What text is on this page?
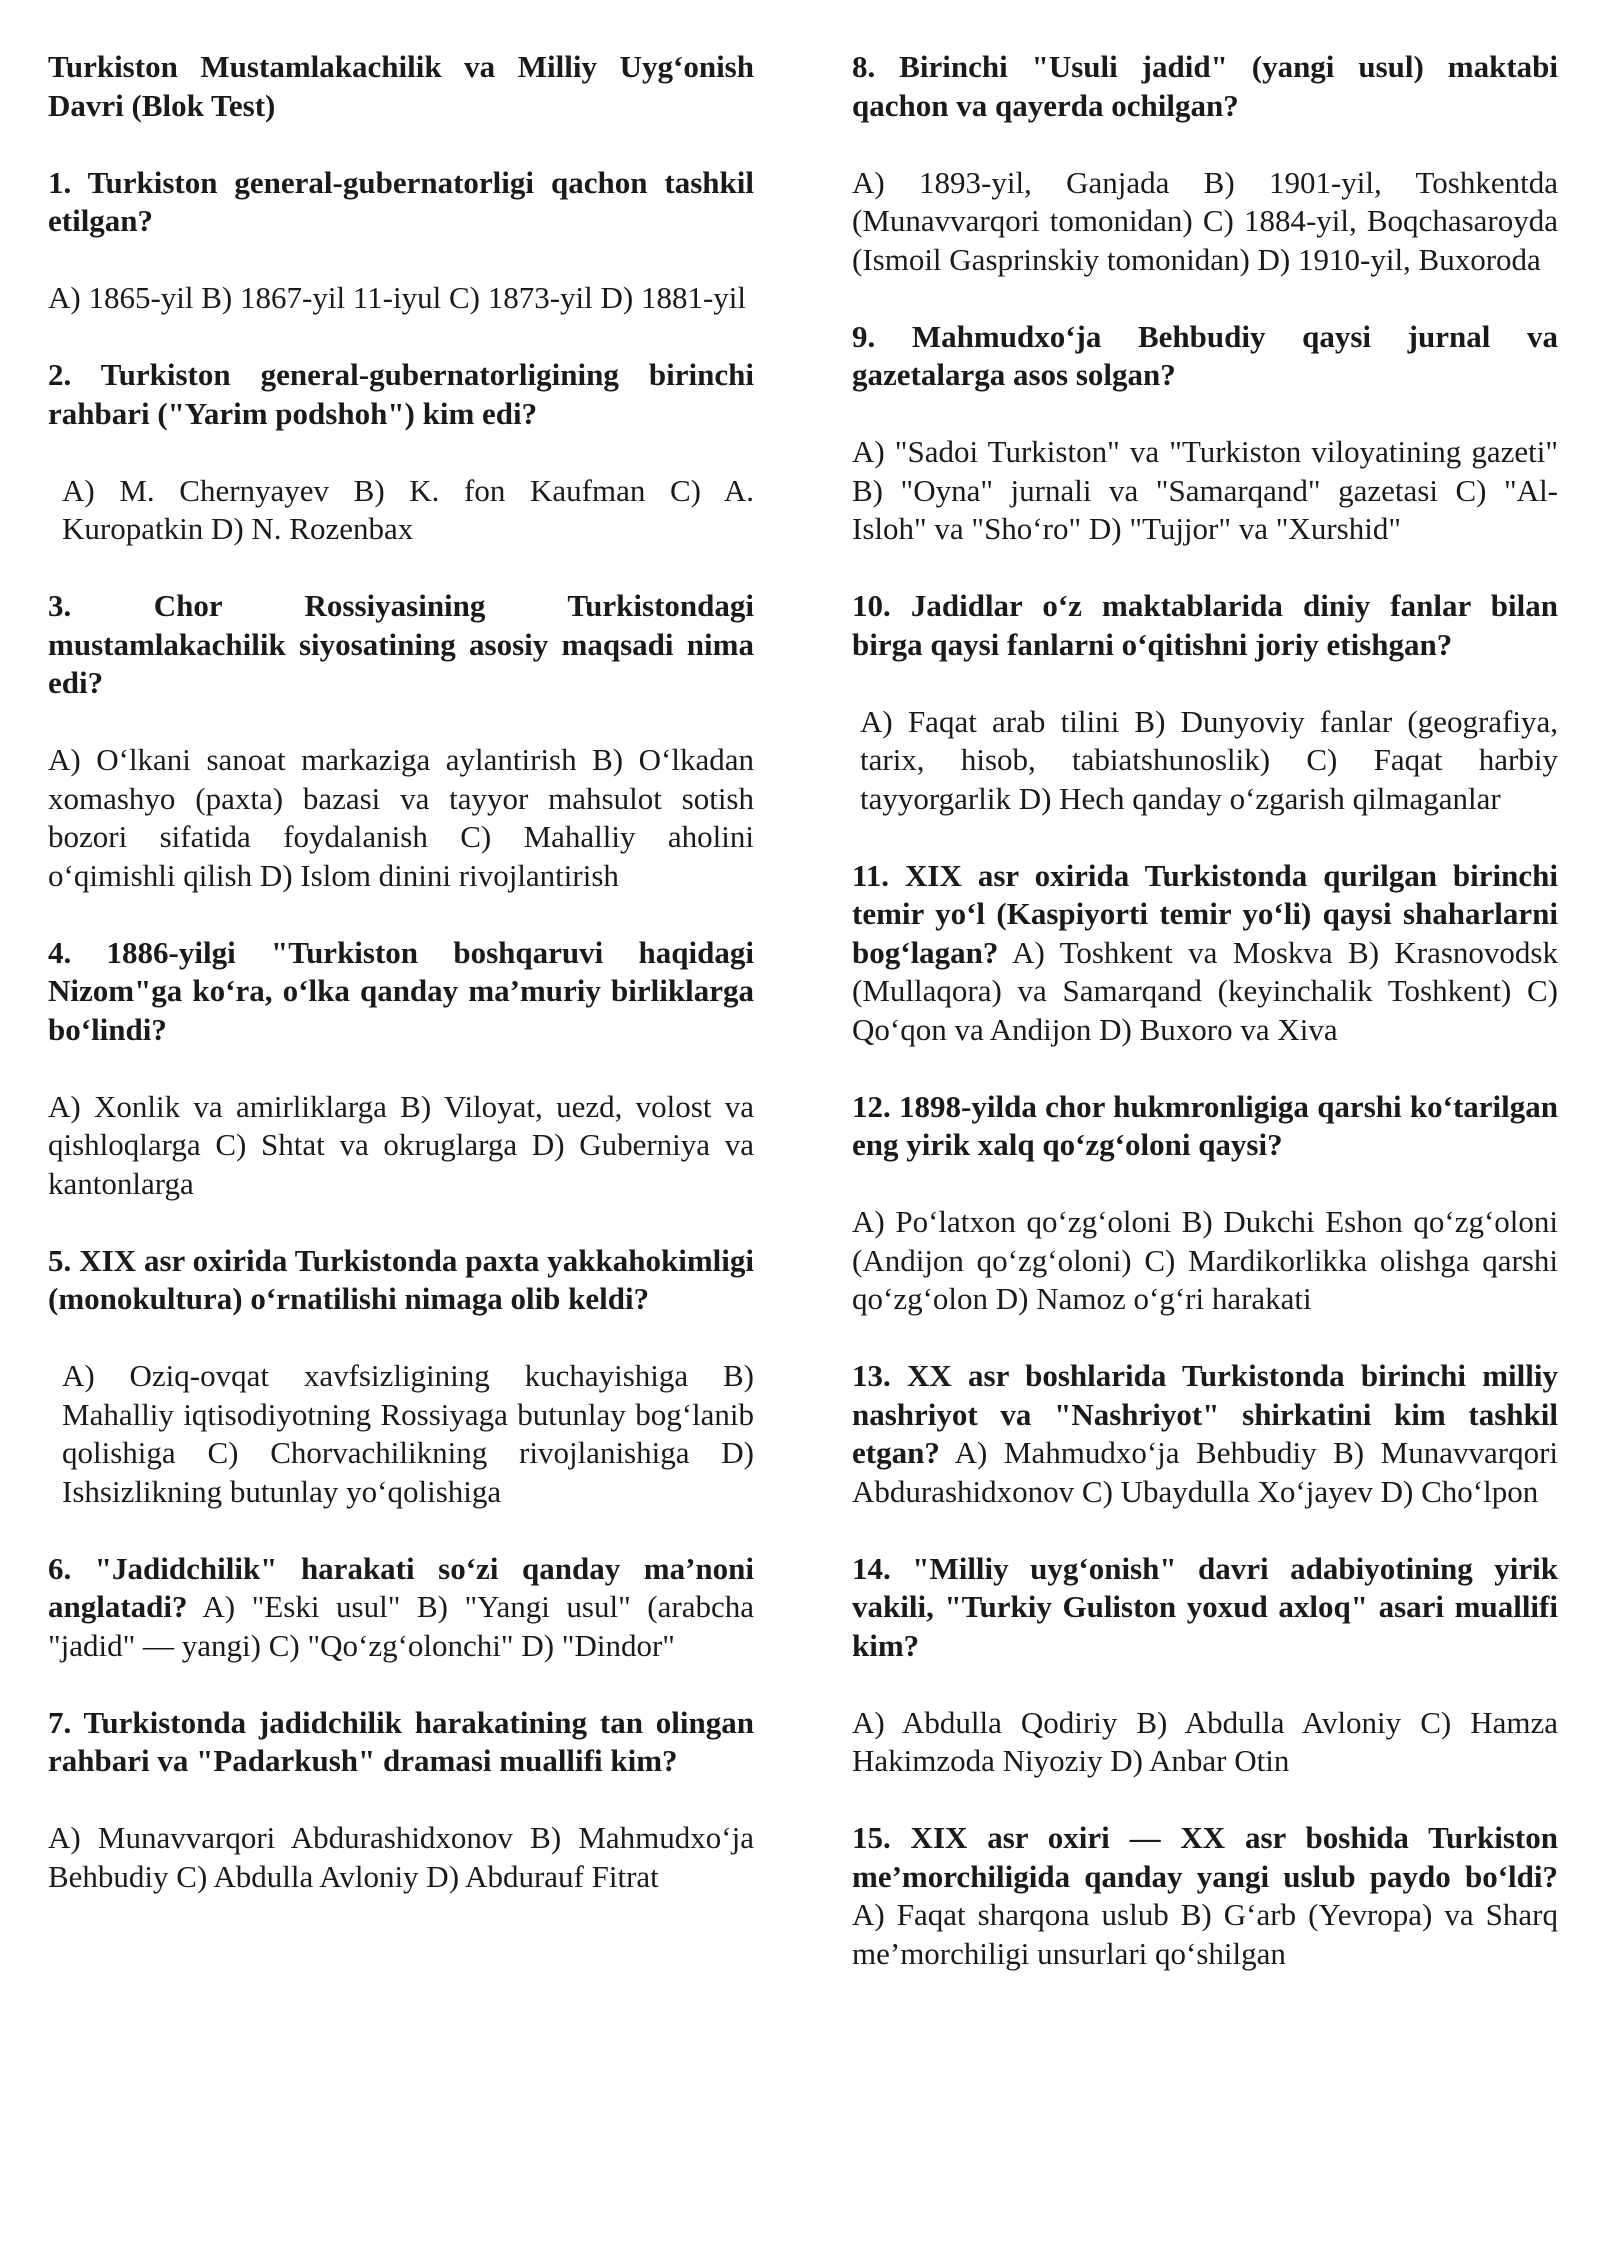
Turkiston Mustamlakachilik va Milliy Uyg‘onish Davri (Blok Test)

1. Turkiston general-gubernatorligi qachon tashkil etilgan?

A) 1865-yil B) 1867-yil 11-iyul C) 1873-yil D) 1881-yil

2. Turkiston general-gubernatorligining birinchi rahbari ("Yarim podshoh") kim edi?

A) M. Chernyayev B) K. fon Kaufman C) A. Kuropatkin D) N. Rozenbax

3. Chor Rossiyasining Turkistondagi mustamlakachilik siyosatining asosiy maqsadi nima edi?

A) O‘lkani sanoat markaziga aylantirish B) O‘lkadan xomashyo (paxta) bazasi va tayyor mahsulot sotish bozori sifatida foydalanish C) Mahalliy aholini o‘qimishli qilish D) Islom dinini rivojlantirish

4. 1886-yilgi "Turkiston boshqaruvi haqidagi Nizom"ga ko‘ra, o‘lka qanday ma’muriy birliklarga bo‘lindi?

A) Xonlik va amirliklarga B) Viloyat, uezd, volost va qishloqlarga C) Shtat va okruglarga D) Guberniya va kantonlarga

5. XIX asr oxirida Turkistonda paxta yakkahokimligi (monokultura) o‘rnatilishi nimaga olib keldi?

A) Oziq-ovqat xavfsizligining kuchayishiga B) Mahalliy iqtisodiyotning Rossiyaga butunlay bog‘lanib qolishiga C) Chorvachilikning rivojlanishiga D) Ishsizlikning butunlay yo‘qolishiga

6. "Jadidchilik" harakati so‘zi qanday ma’noni anglatadi? A) "Eski usul" B) "Yangi usul" (arabcha "jadid" — yangi) C) "Qo‘zg‘olonchi" D) "Dindor"

7. Turkistonda jadidchilik harakatining tan olingan rahbari va "Padarkush" dramasi muallifi kim?

A) Munavvarqori Abdurashidxonov B) Mahmudxo‘ja Behbudiy C) Abdulla Avloniy D) Abdurauf Fitrat

8. Birinchi "Usuli jadid" (yangi usul) maktabi qachon va qayerda ochilgan?

A) 1893-yil, Ganjada B) 1901-yil, Toshkentda (Munavvarqori tomonidan) C) 1884-yil, Boqchasaroyda (Ismoil Gasprinskiy tomonidan) D) 1910-yil, Buxoroda

9. Mahmudxo‘ja Behbudiy qaysi jurnal va gazetalarga asos solgan?

A) "Sadoi Turkiston" va "Turkiston viloyatining gazeti" B) "Oyna" jurnali va "Samarqand" gazetasi C) "Al-Isloh" va "Sho‘ro" D) "Tujjor" va "Xurshid"

10. Jadidlar o‘z maktablarida diniy fanlar bilan birga qaysi fanlarni o‘qitishni joriy etishgan?

A) Faqat arab tilini B) Dunyoviy fanlar (geografiya, tarix, hisob, tabiatshunoslik) C) Faqat harbiy tayyorgarlik D) Hech qanday o‘zgarish qilmaganlar

11. XIX asr oxirida Turkistonda qurilgan birinchi temir yo‘l (Kaspiyorti temir yo‘li) qaysi shaharlarni bog‘lagan? A) Toshkent va Moskva B) Krasnovodsk (Mullaqora) va Samarqand (keyinchalik Toshkent) C) Qo‘qon va Andijon D) Buxoro va Xiva

12. 1898-yilda chor hukmronligiga qarshi ko‘tarilgan eng yirik xalq qo‘zg‘oloni qaysi?

A) Po‘latxon qo‘zg‘oloni B) Dukchi Eshon qo‘zg‘oloni (Andijon qo‘zg‘oloni) C) Mardikorlikka olishga qarshi qo‘zg‘olon D) Namoz o‘g‘ri harakati

13. XX asr boshlarida Turkistonda birinchi milliy nashriyot va "Nashriyot" shirkatini kim tashkil etgan? A) Mahmudxo‘ja Behbudiy B) Munavvarqori Abdurashidxonov C) Ubaydulla Xo‘jayev D) Cho‘lpon

14. "Milliy uyg‘onish" davri adabiyotining yirik vakili, "Turkiy Guliston yoxud axloq" asari muallifi kim?

A) Abdulla Qodiriy B) Abdulla Avloniy C) Hamza Hakimzoda Niyoziy D) Anbar Otin

15. XIX asr oxiri — XX asr boshida Turkiston me’morchiligida qanday yangi uslub paydo bo‘ldi? A) Faqat sharqona uslub B) G‘arb (Yevropa) va Sharq me’morchiligi unsurlari qo‘shilgan
